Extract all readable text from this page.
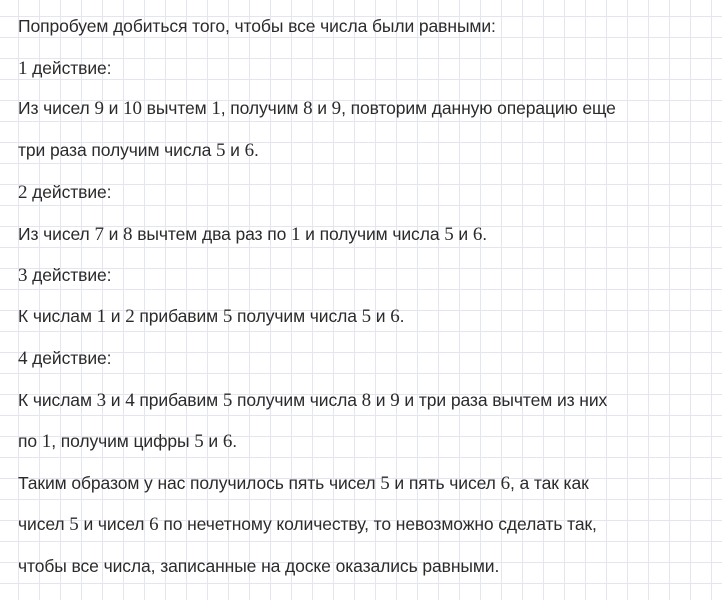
Попробуем добиться того, чтобы все числа были равными:
1 действие:
Из чисел 9 и 10 вычтем 1, получим 8 и 9, повторим данную операцию еще
три раза получим числа 5 и 6.
2 действие:
Из чисел 7 и 8 вычтем два раз по 1 и получим числа 5 и 6.
3 действие:
К числам 1 и 2 прибавим 5 получим числа 5 и 6.
4 действие:
К числам 3 и 4 прибавим 5 получим числа 8 и 9 и три раза вычтем из них
по 1, получим цифры 5 и 6.
Таким образом у нас получилось пять чисел 5 и пять чисел 6, а так как
чисел 5 и чисел 6 по нечетному количеству, то невозможно сделать так,
чтобы все числа, записанные на доске оказались равными.
